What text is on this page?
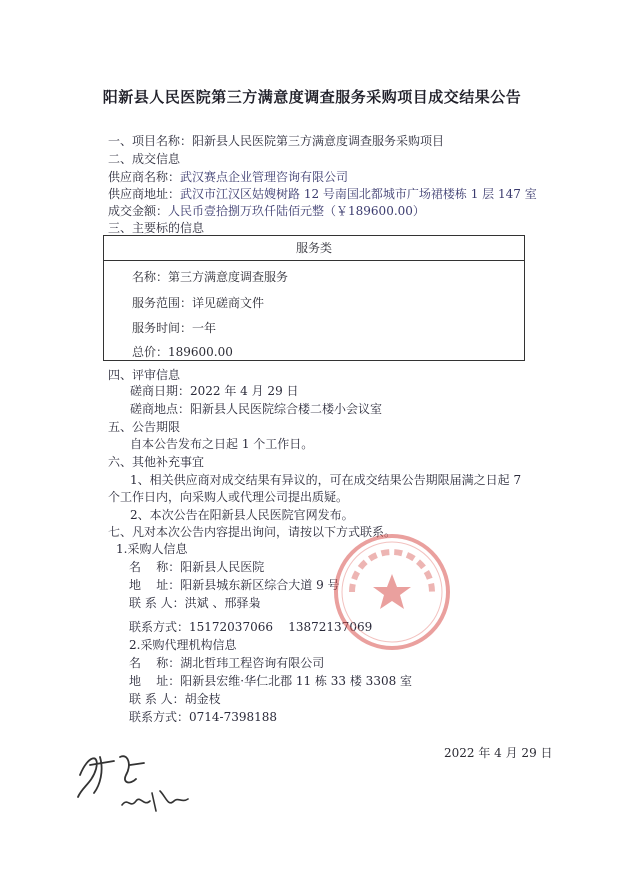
阳新县人民医院第三方满意度调查服务采购项目成交结果公告
一、项目名称：阳新县人民医院第三方满意度调查服务采购项目
二、成交信息
供应商名称：武汉赛点企业管理咨询有限公司
供应商地址：武汉市江汉区姑嫂树路 12 号南国北都城市广场裙楼栋 1 层 147 室
成交金额：人民币壹拾捌万玖仟陆佰元整（￥189600.00）
三、主要标的信息
服务类
名称：第三方满意度调查服务
服务范围：详见磋商文件
服务时间：一年
总价：189600.00
四、评审信息
磋商日期：2022 年 4 月 29 日
磋商地点：阳新县人民医院综合楼二楼小会议室
五、公告期限
自本公告发布之日起 1 个工作日。
六、其他补充事宜
1、相关供应商对成交结果有异议的，可在成交结果公告期限届满之日起 7
个工作日内，向采购人或代理公司提出质疑。
2、本次公告在阳新县人民医院官网发布。
七、凡对本次公告内容提出询问，请按以下方式联系。
1.采购人信息
名    称：阳新县人民医院
地    址：阳新县城东新区综合大道 9 号
联 系 人：洪斌 、邢驿枭
联系方式：15172037066    13872137069
2.采购代理机构信息
名    称：湖北哲玮工程咨询有限公司
地    址：阳新县宏维·华仁北郡 11 栋 33 楼 3308 室
联 系 人：胡金枝
联系方式：0714-7398188
2022 年 4 月 29 日
